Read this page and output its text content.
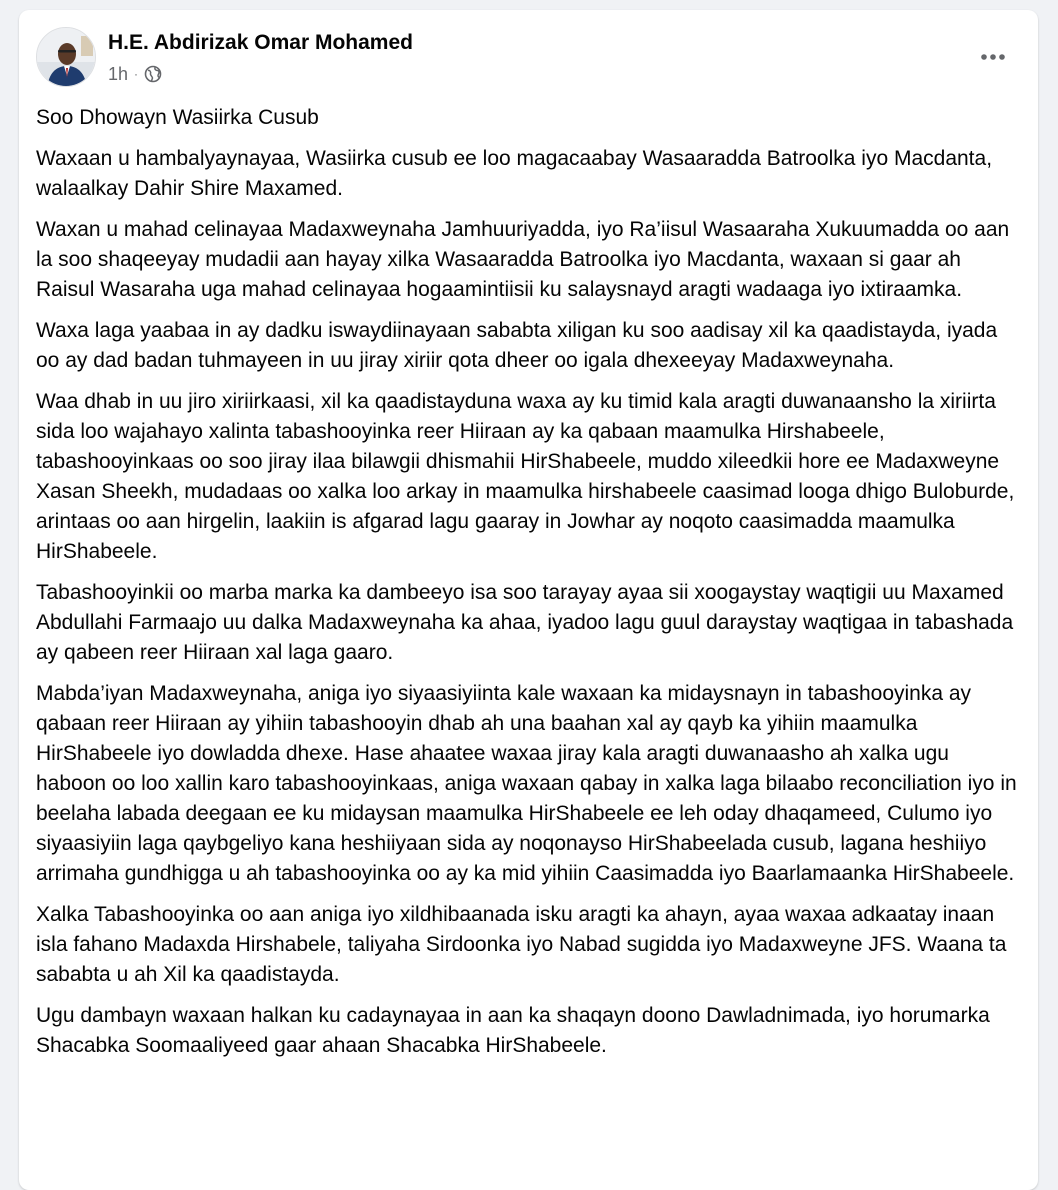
H.E. Abdirizak Omar Mohamed
1h ·

Soo Dhowayn Wasiirka Cusub

Waxaan u hambalyaynayaa, Wasiirka cusub ee loo magacaabay Wasaaradda Batroolka iyo Macdanta, walaalkay Dahir Shire Maxamed.

Waxan u mahad celinayaa Madaxweynaha Jamhuuriyadda, iyo Ra’iisul Wasaaraha Xukuumadda oo aan la soo shaqeeyay mudadii aan hayay xilka Wasaaradda Batroolka iyo Macdanta, waxaan si gaar ah  Raisul Wasaraha uga mahad celinayaa hogaamintiisii ku salaysnayd aragti wadaaga iyo ixtiraamka.

Waxa laga yaabaa in ay dadku iswaydiinayaan sababta xiligan ku soo aadisay xil ka qaadistayda, iyada oo ay dad badan tuhmayeen in uu jiray xiriir qota dheer oo igala dhexeeyay Madaxweynaha.

Waa dhab in uu jiro xiriirkaasi, xil ka qaadistayduna waxa ay ku timid kala aragti duwanaansho la xiriirta sida loo wajahayo xalinta tabashooyinka reer Hiiraan ay ka qabaan maamulka Hirshabeele, tabashooyinkaas oo soo jiray ilaa bilawgii dhismahii HirShabeele, muddo xileedkii hore ee Madaxweyne Xasan Sheekh, mudadaas oo xalka loo arkay in maamulka hirshabeele caasimad looga dhigo Buloburde, arintaas oo aan hirgelin, laakiin is afgarad lagu gaaray in Jowhar ay noqoto caasimadda maamulka HirShabeele.

Tabashooyinkii oo marba marka ka dambeeyo isa soo tarayay ayaa sii xoogaystay waqtigii uu Maxamed Abdullahi Farmaajo uu dalka Madaxweynaha ka ahaa, iyadoo lagu guul daraystay waqtigaa in tabashada ay qabeen reer Hiiraan xal laga gaaro.

Mabda’iyan Madaxweynaha, aniga iyo siyaasiyiinta kale waxaan ka midaysnayn in tabashooyinka ay qabaan reer Hiiraan ay yihiin tabashooyin dhab ah una baahan xal ay qayb ka yihiin maamulka HirShabeele iyo dowladda dhexe. Hase ahaatee waxaa jiray kala aragti duwanaasho ah xalka ugu haboon oo loo xallin karo tabashooyinkaas, aniga waxaan qabay in xalka laga bilaabo reconciliation iyo in beelaha labada deegaan ee ku midaysan maamulka HirShabeele ee leh oday dhaqameed, Culumo iyo siyaasiyiin laga qaybgeliyo kana heshiiyaan sida ay noqonayso HirShabeelada cusub, lagana heshiiyo arrimaha gundhigga u ah tabashooyinka oo ay ka mid yihiin Caasimadda iyo Baarlamaanka HirShabeele.

Xalka Tabashooyinka oo aan aniga iyo xildhibaanada isku aragti ka ahayn, ayaa waxaa adkaatay inaan isla fahano Madaxda Hirshabele, taliyaha Sirdoonka iyo Nabad sugidda iyo Madaxweyne JFS. Waana ta sababta u ah Xil ka qaadistayda.

Ugu dambayn waxaan halkan ku cadaynayaa in aan ka shaqayn doono Dawladnimada, iyo horumarka Shacabka Soomaaliyeed gaar ahaan Shacabka HirShabeele.
